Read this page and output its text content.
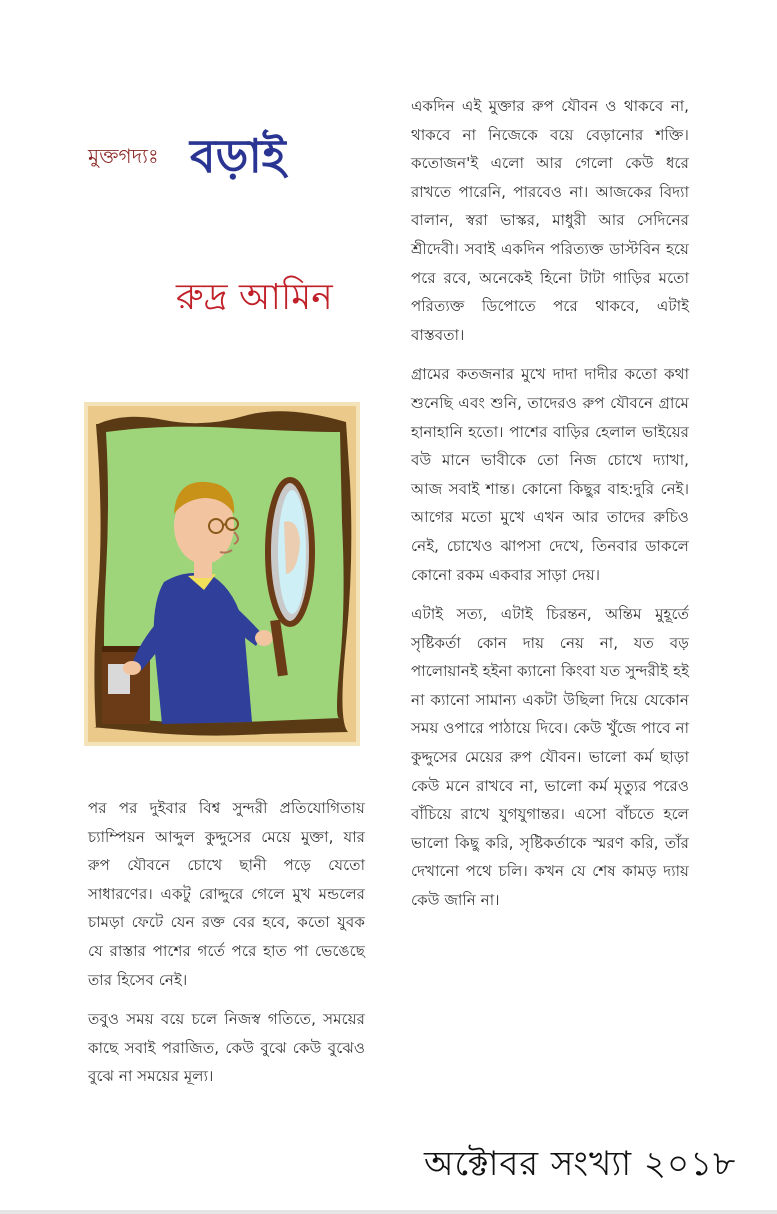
মুক্তগদ্যঃ বড়াই
রুদ্র আমিন

পর পর দুইবার বিশ্ব সুন্দরী প্রতিযোগিতায় চ্যাম্পিয়ন আব্দুল কুদ্দুসের মেয়ে মুক্তা, যার রুপ যৌবনে চোখে ছানী পড়ে যেতো সাধারণের। একটু রোদ্দুরে গেলে মুখ মন্ডলের চামড়া ফেটে যেন রক্ত বের হবে, কতো যুবক যে রাস্তার পাশের গর্তে পরে হাত পা ভেঙেছে তার হিসেব নেই।

তবুও সময় বয়ে চলে নিজস্ব গতিতে, সময়ের কাছে সবাই পরাজিত, কেউ বুঝে কেউ বুঝেও বুঝে না সময়ের মূল্য।

একদিন এই মুক্তার রুপ যৌবন ও থাকবে না, থাকবে না নিজেকে বয়ে বেড়ানোর শক্তি। কতোজন'ই এলো আর গেলো কেউ ধরে রাখতে পারেনি, পারবেও না। আজকের বিদ্যা বালান, স্বরা ভাস্কর, মাধুরী আর সেদিনের শ্রীদেবী। সবাই একদিন পরিত্যক্ত ডাস্টবিন হয়ে পরে রবে, অনেকেই হিনো টাটা গাড়ির মতো পরিত্যক্ত ডিপোতে পরে থাকবে, এটাই বাস্তবতা।

গ্রামের কতজনার মুখে দাদা দাদীর কতো কথা শুনেছি এবং শুনি, তাদেরও রুপ যৌবনে গ্রামে হানাহানি হতো। পাশের বাড়ির হেলাল ভাইয়ের বউ মানে ভাবীকে তো নিজ চোখে দ্যাখা, আজ সবাই শান্ত। কোনো কিছুর বাহ:দুরি নেই। আগের মতো মুখে এখন আর তাদের রুচিও নেই, চোখেও ঝাপসা দেখে, তিনবার ডাকলে কোনো রকম একবার সাড়া দেয়।

এটাই সত্য, এটাই চিরন্তন, অন্তিম মুহূর্তে সৃষ্টিকর্তা কোন দায় নেয় না, যত বড় পালোয়ানই হইনা ক্যানো কিংবা যত সুন্দরীই হই না ক্যানো সামান্য একটা উছিলা দিয়ে যেকোন সময় ওপারে পাঠায়ে দিবে। কেউ খুঁজে পাবে না কুদ্দুসের মেয়ের রুপ যৌবন। ভালো কর্ম ছাড়া কেউ মনে রাখবে না, ভালো কর্ম মৃত্যুর পরেও বাঁচিয়ে রাখে যুগযুগান্তর। এসো বাঁচতে হলে ভালো কিছু করি, সৃষ্টিকর্তাকে স্মরণ করি, তাঁর দেখানো পথে চলি। কখন যে শেষ কামড় দ্যায় কেউ জানি না।

অক্টোবর সংখ্যা ২০১৮
